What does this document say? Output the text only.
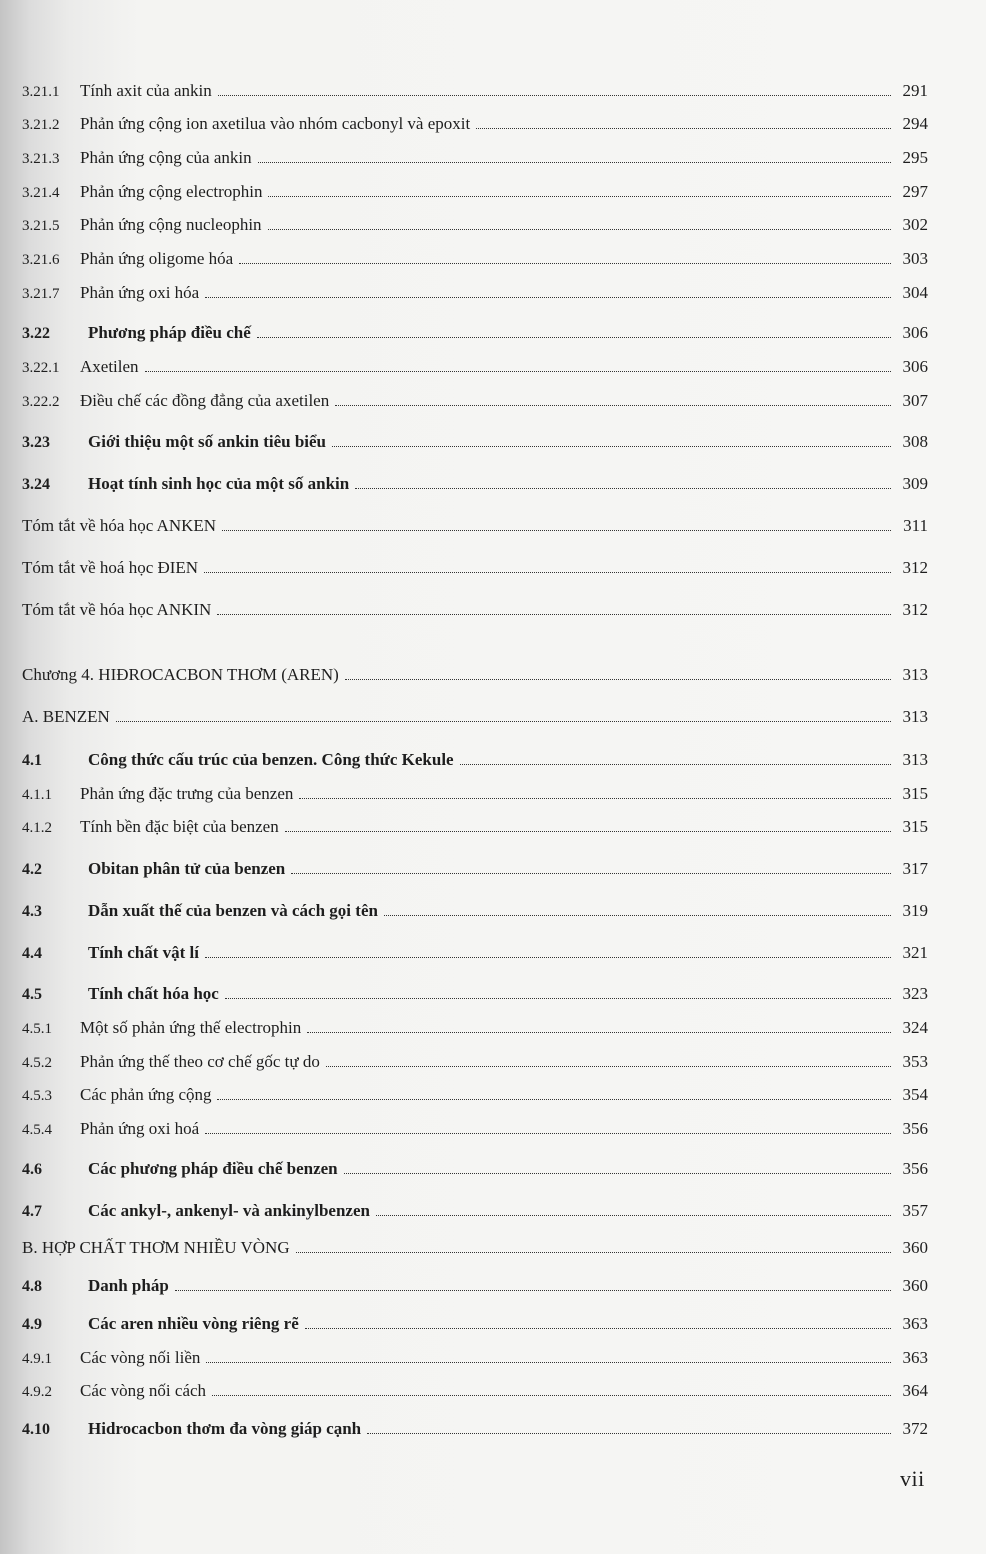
3.21.1	Tính axit của ankin	291
3.21.2	Phản ứng cộng ion axetilua vào nhóm cacbonyl và epoxit	294
3.21.3	Phản ứng cộng của ankin	295
3.21.4	Phản ứng cộng electrophin	297
3.21.5	Phản ứng cộng nucleophin	302
3.21.6	Phản ứng oligome hóa	303
3.21.7	Phản ứng oxi hóa	304
3.22	Phương pháp điều chế	306
3.22.1	Axetilen	306
3.22.2	Điều chế các đồng đẳng của axetilen	307
3.23	Giới thiệu một số ankin tiêu biểu	308
3.24	Hoạt tính sinh học của một số ankin	309
Tóm tắt về hóa học ANKEN	311
Tóm tắt về hoá học ĐIEN	312
Tóm tắt về hóa học ANKIN	312
Chương 4. HIĐROCACBON THƠM (AREN)	313
A. BENZEN	313
4.1	Công thức cấu trúc của benzen. Công thức Kekule	313
4.1.1	Phản ứng đặc trưng của benzen	315
4.1.2	Tính bền đặc biệt của benzen	315
4.2	Obitan phân tử của benzen	317
4.3	Dẫn xuất thế của benzen và cách gọi tên	319
4.4	Tính chất vật lí	321
4.5	Tính chất hóa học	323
4.5.1	Một số phản ứng thế electrophin	324
4.5.2	Phản ứng thế theo cơ chế gốc tự do	353
4.5.3	Các phản ứng cộng	354
4.5.4	Phản ứng oxi hoá	356
4.6	Các phương pháp điều chế benzen	356
4.7	Các ankyl-, ankenyl- và ankinylbenzen	357
B. HỢP CHẤT THƠM NHIỀU VÒNG	360
4.8	Danh pháp	360
4.9	Các aren nhiều vòng riêng rẽ	363
4.9.1	Các vòng nối liền	363
4.9.2	Các vòng nối cách	364
4.10	Hidrocacbon thơm đa vòng giáp cạnh	372
vii
